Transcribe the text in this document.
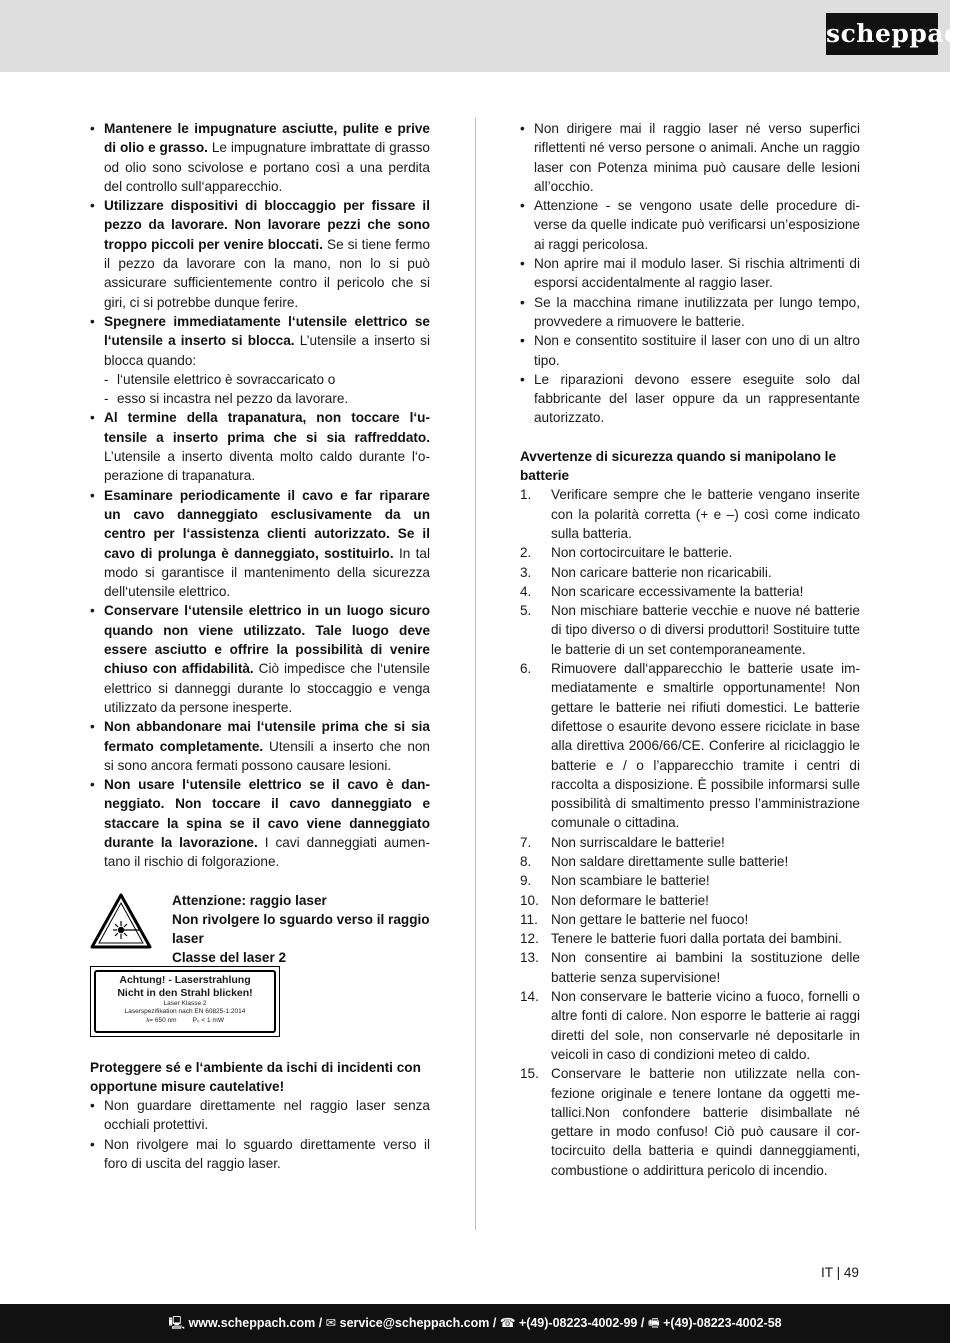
scheppach
• Mantenere le impugnature asciutte, pulite e prive di olio e grasso. Le impugnature imbrattate di grasso od olio sono scivolose e portano così a una perdita del controllo sull‘apparecchio.
• Utilizzare dispositivi di bloccaggio per fissare il pezzo da lavorare. Non lavorare pezzi che sono troppo piccoli per venire bloccati. Se si tiene fermo il pezzo da lavorare con la mano, non lo si può assicurare sufficientemente contro il pericolo che si giri, ci si potrebbe dunque ferire.
• Spegnere immediatamente l‘utensile elettrico se l‘utensile a inserto si blocca. L’utensile a inserto si blocca quando:
- l‘utensile elettrico è sovraccaricato o
- esso si incastra nel pezzo da lavorare.
• Al termine della trapanatura, non toccare l‘utensile a inserto prima che si sia raffreddato. L’utensile a inserto diventa molto caldo durante l‘operazione di trapanatura.
• Esaminare periodicamente il cavo e far riparare un cavo danneggiato esclusivamente da un centro per l‘assistenza clienti autorizzato. Se il cavo di prolunga è danneggiato, sostituirlo. In tal modo si garantisce il mantenimento della sicurezza dell‘utensile elettrico.
• Conservare l‘utensile elettrico in un luogo sicuro quando non viene utilizzato. Tale luogo deve essere asciutto e offrire la possibilità di venire chiuso con affidabilità. Ciò impedisce che l‘utensile elettrico si danneggi durante lo stoccaggio e venga utilizzato da persone inesperte.
• Non abbandonare mai l‘utensile prima che si sia fermato completamente. Utensili a inserto che non si sono ancora fermati possono causare lesioni.
• Non usare l‘utensile elettrico se il cavo è danneggiato. Non toccare il cavo danneggiato e staccare la spina se il cavo viene danneggiato durante la lavorazione. I cavi danneggiati aumentano il rischio di folgorazione.
Attenzione: raggio laser
Non rivolgere lo sguardo verso il raggio laser
Classe del laser 2
Achtung! - Laserstrahlung
Nicht in den Strahl blicken!
Laser Klasse 2
Laserspezifikation nach EN 60825-1:2014
λ= 650 nm P₀ < 1 mW
Proteggere sé e l‘ambiente da ischi di incidenti con opportune misure cautelative!
• Non guardare direttamente nel raggio laser senza occhiali protettivi.
• Non rivolgere mai lo sguardo direttamente verso il foro di uscita del raggio laser.
• Non dirigere mai il raggio laser né verso superfici riflettenti né verso persone o animali. Anche un raggio laser con Potenza minima può causare delle lesioni all’occhio.
• Attenzione - se vengono usate delle procedure diverse da quelle indicate può verificarsi un’esposizione ai raggi pericolosa.
• Non aprire mai il modulo laser. Si rischia altrimenti di esporsi accidentalmente al raggio laser.
• Se la macchina rimane inutilizzata per lungo tempo, provvedere a rimuovere le batterie.
• Non e consentito sostituire il laser con uno di un altro tipo.
• Le riparazioni devono essere eseguite solo dal fabbricante del laser oppure da un rappresentante autorizzato.
Avvertenze di sicurezza quando si manipolano le batterie
1. Verificare sempre che le batterie vengano inserite con la polarità corretta (+ e –) così come indicato sulla batteria.
2. Non cortocircuitare le batterie.
3. Non caricare batterie non ricaricabili.
4. Non scaricare eccessivamente la batteria!
5. Non mischiare batterie vecchie e nuove né batterie di tipo diverso o di diversi produttori! Sostituire tutte le batterie di un set contemporaneamente.
6. Rimuovere dall‘apparecchio le batterie usate immediatamente e smaltirle opportunamente! Non gettare le batterie nei rifiuti domestici. Le batterie difettose o esaurite devono essere riciclate in base alla direttiva 2006/66/CE. Conferire al riciclaggio le batterie e / o l’apparecchio tramite i centri di raccolta a disposizione. È possibile informarsi sulle possibilità di smaltimento presso l’amministrazione comunale o cittadina.
7. Non surriscaldare le batterie!
8. Non saldare direttamente sulle batterie!
9. Non scambiare le batterie!
10. Non deformare le batterie!
11. Non gettare le batterie nel fuoco!
12. Tenere le batterie fuori dalla portata dei bambini.
13. Non consentire ai bambini la sostituzione delle batterie senza supervisione!
14. Non conservare le batterie vicino a fuoco, fornelli o altre fonti di calore. Non esporre le batterie ai raggi diretti del sole, non conservarle né depositarle in veicoli in caso di condizioni meteo di caldo.
15. Conservare le batterie non utilizzate nella confezione originale e tenere lontane da oggetti metallici.Non confondere batterie disimballate né gettare in modo confuso! Ciò può causare il cortocircuito della batteria e quindi danneggiamenti, combustione o addirittura pericolo di incendio.
IT | 49
🖳 www.scheppach.com / ✉ service@scheppach.com / ☎ +(49)-08223-4002-99 / 🖷 +(49)-08223-4002-58
